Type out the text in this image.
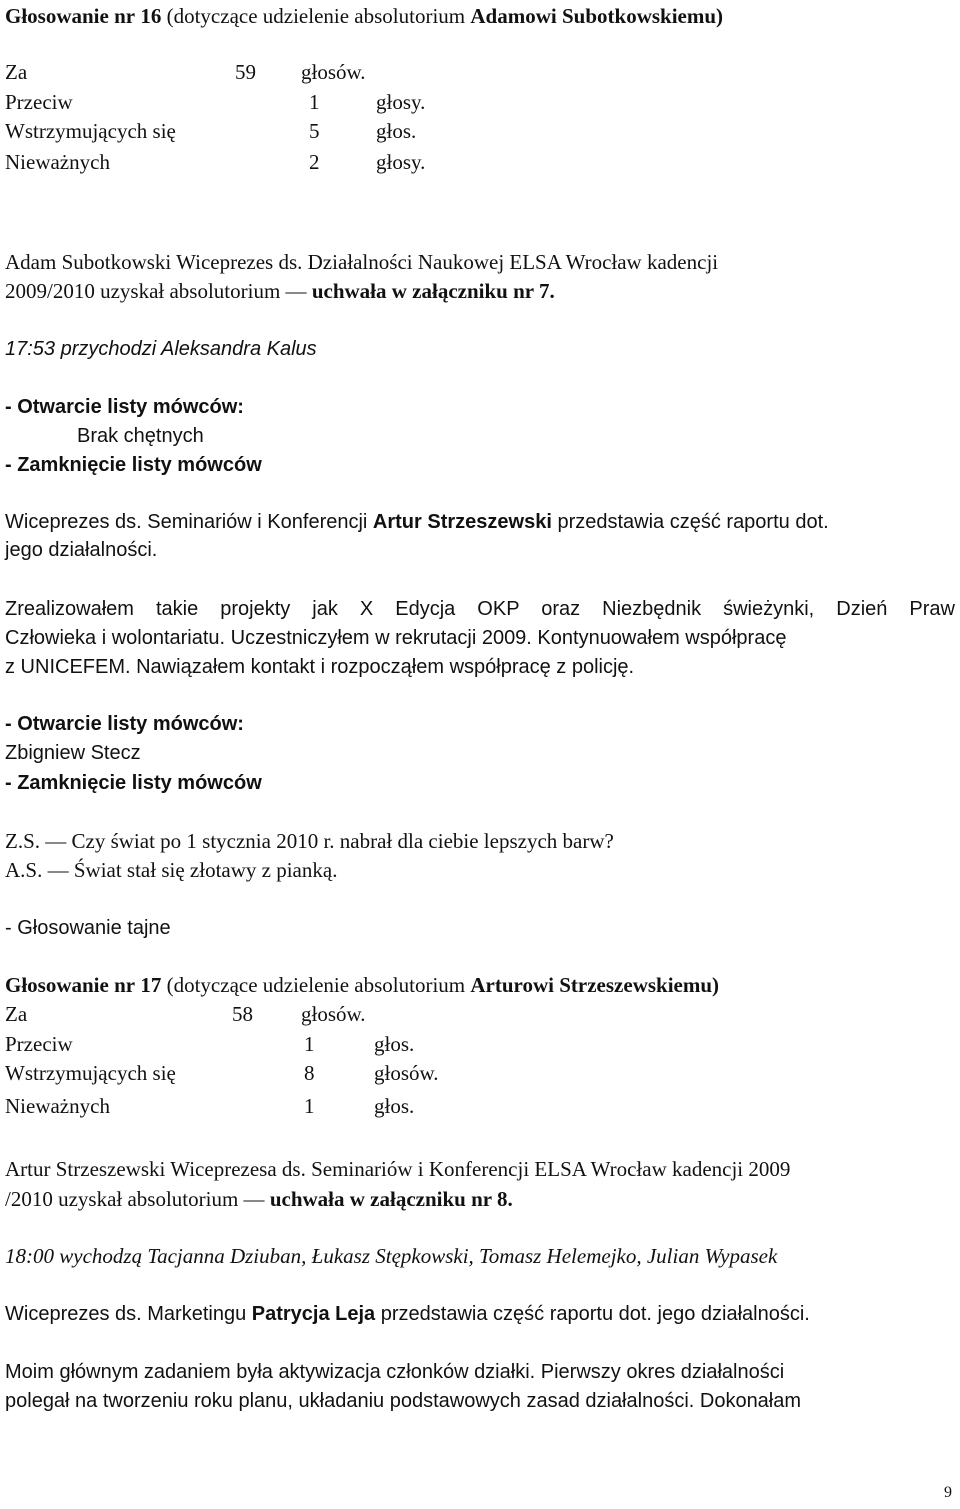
Głosowanie nr 16 (dotyczące udzielenie absolutorium Adamowi Subotkowskiemu)
Za	59 głosów.
Przeciw	1	głosy.
Wstrzymujących się	5	głos.
Nieważnych	2	głosy.
Adam Subotkowski Wiceprezes ds. Działalności Naukowej ELSA Wrocław kadencji
2009/2010 uzyskał absolutorium — uchwała w załączniku nr 7.
17:53 przychodzi Aleksandra Kalus
- Otwarcie listy mówców:
Brak chętnych
- Zamknięcie listy mówców
Wiceprezes ds. Seminariów i Konferencji Artur Strzeszewski przedstawia część raportu dot.
jego działalności.
Zrealizowałem takie projekty jak X Edycja OKP oraz Niezbędnik świeżynki, Dzień Praw
Człowieka i wolontariatu. Uczestniczyłem w rekrutacji 2009. Kontynuowałem współpracę
z UNICEFEM. Nawiązałem kontakt i rozpocząłem współpracę z policję.
- Otwarcie listy mówców:
Zbigniew Stecz
- Zamknięcie listy mówców
Z.S. — Czy świat po 1 stycznia 2010 r. nabrał dla ciebie lepszych barw?
A.S. — Świat stał się złotawy z pianką.
- Głosowanie tajne
Głosowanie nr 17 (dotyczące udzielenie absolutorium Arturowi Strzeszewskiemu)
Za	58 głosów.
Przeciw	1	głos.
Wstrzymujących się	8	głosów.
Nieważnych	1	głos.
Artur Strzeszewski Wiceprezesa ds. Seminariów i Konferencji ELSA Wrocław kadencji 2009
/2010 uzyskał absolutorium — uchwała w załączniku nr 8.
18:00 wychodzą Tacjanna Dziuban, Łukasz Stępkowski, Tomasz Helemejko, Julian Wypasek
Wiceprezes ds. Marketingu Patrycja Leja przedstawia część raportu dot. jego działalności.
Moim głównym zadaniem była aktywizacja członków działki. Pierwszy okres działalności
polegał na tworzeniu roku planu, układaniu podstawowych zasad działalności. Dokonałam
9
